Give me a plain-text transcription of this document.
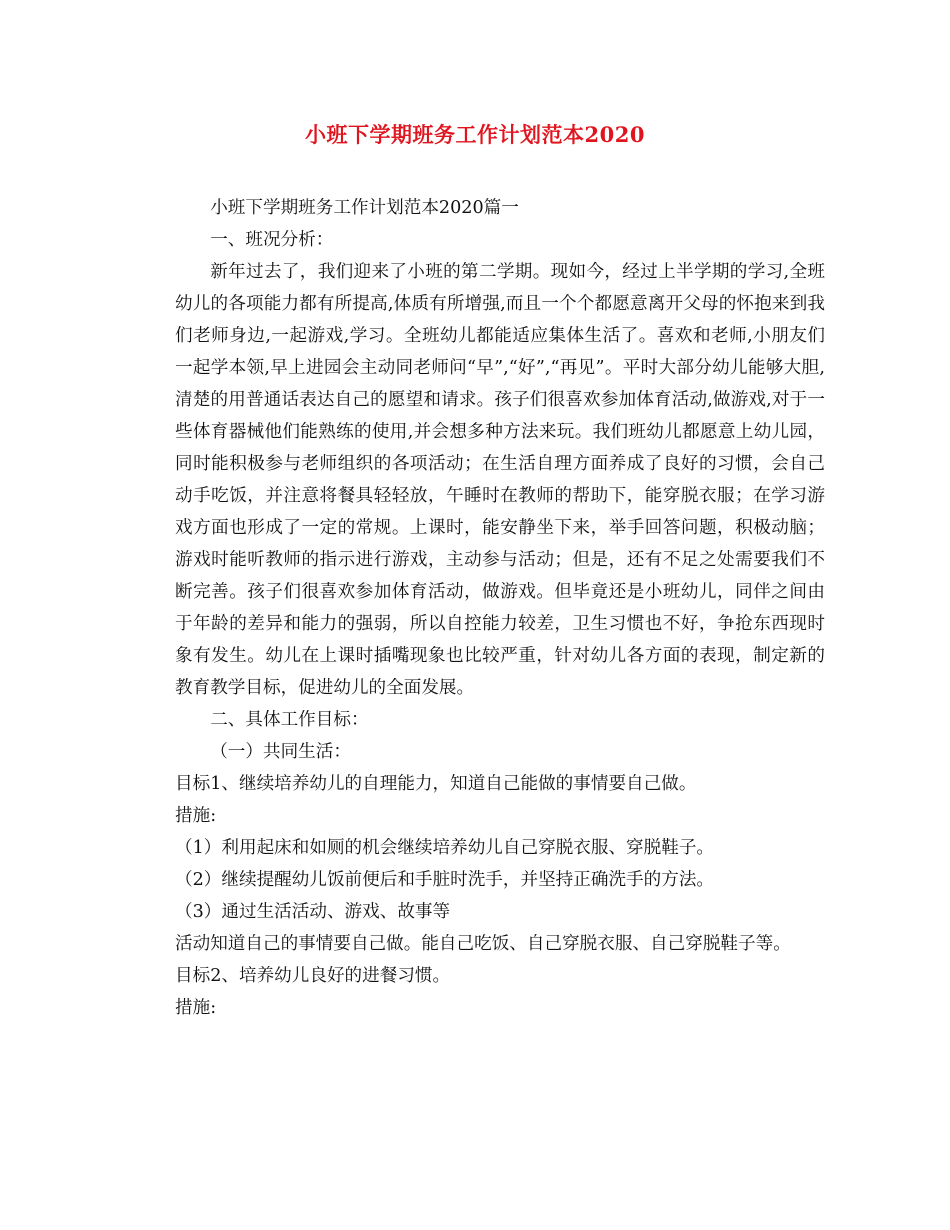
小班下学期班务工作计划范本2020

小班下学期班务工作计划范本2020篇一

一、班况分析：

新年过去了，我们迎来了小班的第二学期。现如今，经过上半学期的学习,全班幼儿的各项能力都有所提高,体质有所增强,而且一个个都愿意离开父母的怀抱来到我们老师身边,一起游戏,学习。全班幼儿都能适应集体生活了。喜欢和老师,小朋友们一起学本领,早上进园会主动同老师问“早”,“好”,“再见”。平时大部分幼儿能够大胆,清楚的用普通话表达自己的愿望和请求。孩子们很喜欢参加体育活动,做游戏,对于一些体育器械他们能熟练的使用,并会想多种方法来玩。我们班幼儿都愿意上幼儿园，同时能积极参与老师组织的各项活动；在生活自理方面养成了良好的习惯，会自己动手吃饭，并注意将餐具轻轻放，午睡时在教师的帮助下，能穿脱衣服；在学习游戏方面也形成了一定的常规。上课时，能安静坐下来，举手回答问题，积极动脑；游戏时能听教师的指示进行游戏，主动参与活动；但是，还有不足之处需要我们不断完善。孩子们很喜欢参加体育活动，做游戏。但毕竟还是小班幼儿，同伴之间由于年龄的差异和能力的强弱，所以自控能力较差，卫生习惯也不好，争抢东西现时象有发生。幼儿在上课时插嘴现象也比较严重，针对幼儿各方面的表现，制定新的教育教学目标，促进幼儿的全面发展。

二、具体工作目标：

（一）共同生活：

目标1、继续培养幼儿的自理能力，知道自己能做的事情要自己做。

措施:

（1）利用起床和如厕的机会继续培养幼儿自己穿脱衣服、穿脱鞋子。

（2）继续提醒幼儿饭前便后和手脏时洗手，并坚持正确洗手的方法。

（3）通过生活活动、游戏、故事等

活动知道自己的事情要自己做。能自己吃饭、自己穿脱衣服、自己穿脱鞋子等。

目标2、培养幼儿良好的进餐习惯。

措施:
